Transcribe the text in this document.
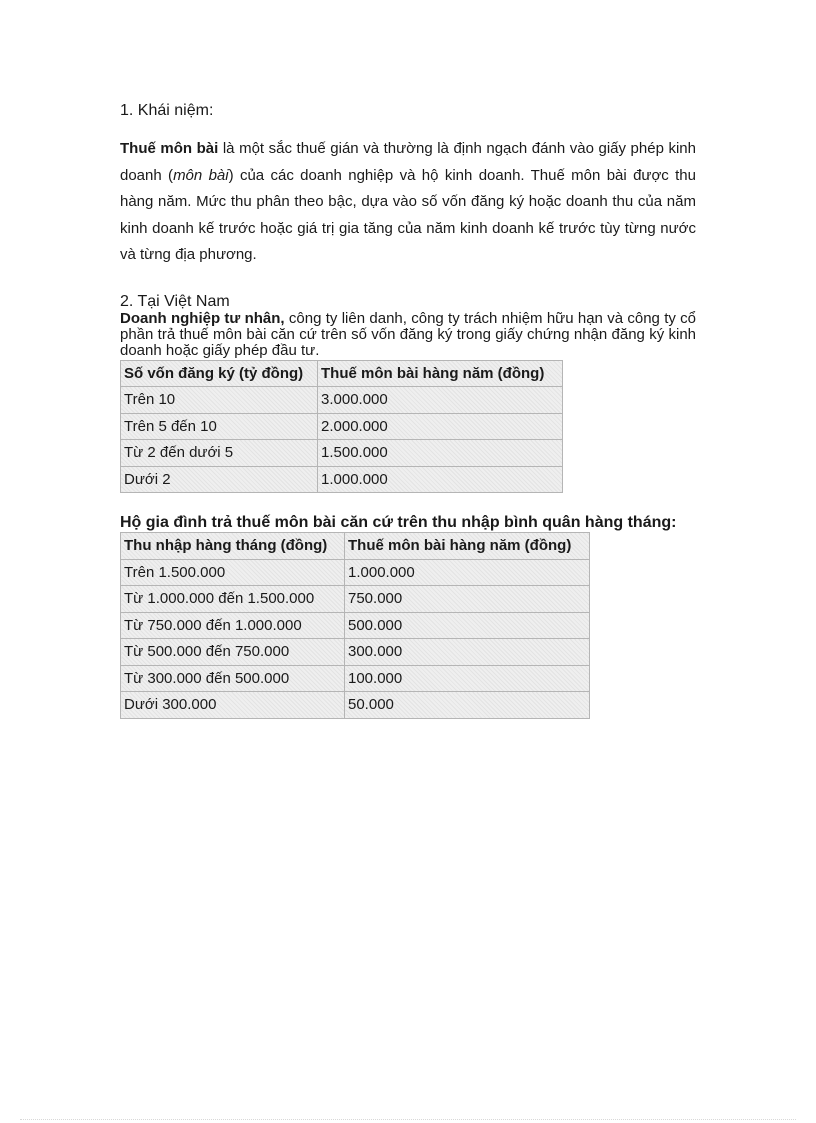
1. Khái niệm:

Thuế môn bài là một sắc thuế gián và thường là định ngạch đánh vào giấy phép kinh doanh (môn bài) của các doanh nghiệp và hộ kinh doanh. Thuế môn bài được thu hàng năm. Mức thu phân theo bậc, dựa vào số vốn đăng ký hoặc doanh thu của năm kinh doanh kế trước hoặc giá trị gia tăng của năm kinh doanh kế trước tùy từng nước và từng địa phương.

2. Tại Việt Nam

Doanh nghiệp tư nhân, công ty liên danh, công ty trách nhiệm hữu hạn và công ty cổ phần trả thuế môn bài căn cứ trên số vốn đăng ký trong giấy chứng nhận đăng ký kinh doanh hoặc giấy phép đầu tư.

Số vốn đăng ký (tỷ đồng)	Thuế môn bài hàng năm (đồng)
Trên 10	3.000.000
Trên 5 đến 10	2.000.000
Từ 2 đến dưới 5	1.500.000
Dưới 2	1.000.000
Hộ gia đình trả thuế môn bài căn cứ trên thu nhập bình quân hàng tháng:
Thu nhập hàng tháng (đồng)	Thuế môn bài hàng năm (đồng)
Trên 1.500.000	1.000.000
Từ 1.000.000 đến 1.500.000	750.000
Từ 750.000 đến 1.000.000	500.000
Từ 500.000 đến 750.000	300.000
Từ 300.000 đến 500.000	100.000
Dưới 300.000	50.000
